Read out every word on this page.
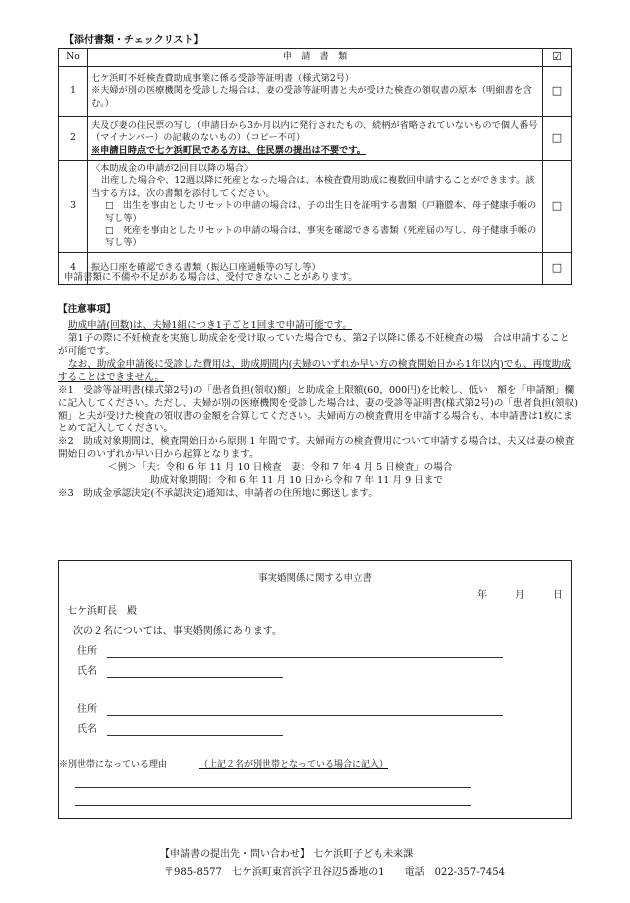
【添付書類・チェックリスト】
No	申　請　書　類	☑
1	七ケ浜町不妊検査費助成事業に係る受診等証明書（様式第2号）
※夫婦が別の医療機関を受診した場合は、妻の受診等証明書と夫が受けた検査の領収書の原本（明細書を含む。）	□
2	夫及び妻の住民票の写し（申請日から3か月以内に発行されたもの、続柄が省略されていないもので個人番号（マイナンバー）の記載のないもの）（コピー不可）
※申請日時点で七ケ浜町民である方は、住民票の提出は不要です。	□
3	〈本助成金の申請が2回目以降の場合〉
出産した場合や、12週以降に死産となった場合は、本検査費用助成に複数回申請することができます。該当する方は、次の書類を添付してください。
□　出生を事由としたリセットの申請の場合は、子の出生日を証明する書類（戸籍謄本、母子健康手帳の写し等）
□　死産を事由としたリセットの申請の場合は、事実を確認できる書類（死産届の写し、母子健康手帳の写し等）	□
4	振込口座を確認できる書類（振込口座通帳等の写し等）	□
申請書類に不備や不足がある場合は、受付できないことがあります。

【注意事項】

助成申請(回数)は、夫婦1組につき1子ごと1回まで申請可能です。

第1子の際に不妊検査を実施し助成金を受け取っていた場合でも、第2子以降に係る不妊検査の場　合は申請することが可能です。

なお、助成金申請後に受診した費用は、助成期間内(夫婦のいずれか早い方の検査開始日から1年以内)でも、再度助成することはできません。

※1　受診等証明書(様式第2号)の「患者負担(領収)額」と助成金上限額(60，000円)を比較し、低い　額を「申請額」欄に記入してください。ただし、夫婦が別の医療機関を受診した場合は、妻の受診等証明書(様式第2号)の「患者負担(領収)額」と夫が受けた検査の領収書の金額を合算してください。夫婦両方の検査費用を申請する場合も、本申請書は1枚にまとめて記入してください。

※2　助成対象期間は、検査開始日から原則 1 年間です。夫婦両方の検査費用について申請する場合は、夫又は妻の検査開始日のいずれか早い日から起算となります。

＜例＞「夫：令和 6 年 11 月 10 日検査　妻：令和 7 年 4 月 5 日検査」の場合

助成対象期間：令和 6 年 11 月 10 日から令和 7 年 11 月 9 日まで

※3　助成金承認決定(不承認決定)通知は、申請者の住所地に郵送します。

事実婚関係に関する申立書
年	月	日
七ケ浜町長　殿
次の２名については、事実婚関係にあります。
住所
氏名
住所
氏名
※別世帯になっている理由	（上記２名が別世帯となっている場合に記入）
【申請書の提出先・問い合わせ】 七ケ浜町子ども未来課
〒985-8577　七ケ浜町東宮浜字丑谷辺5番地の1　　電話　022-357-7454
